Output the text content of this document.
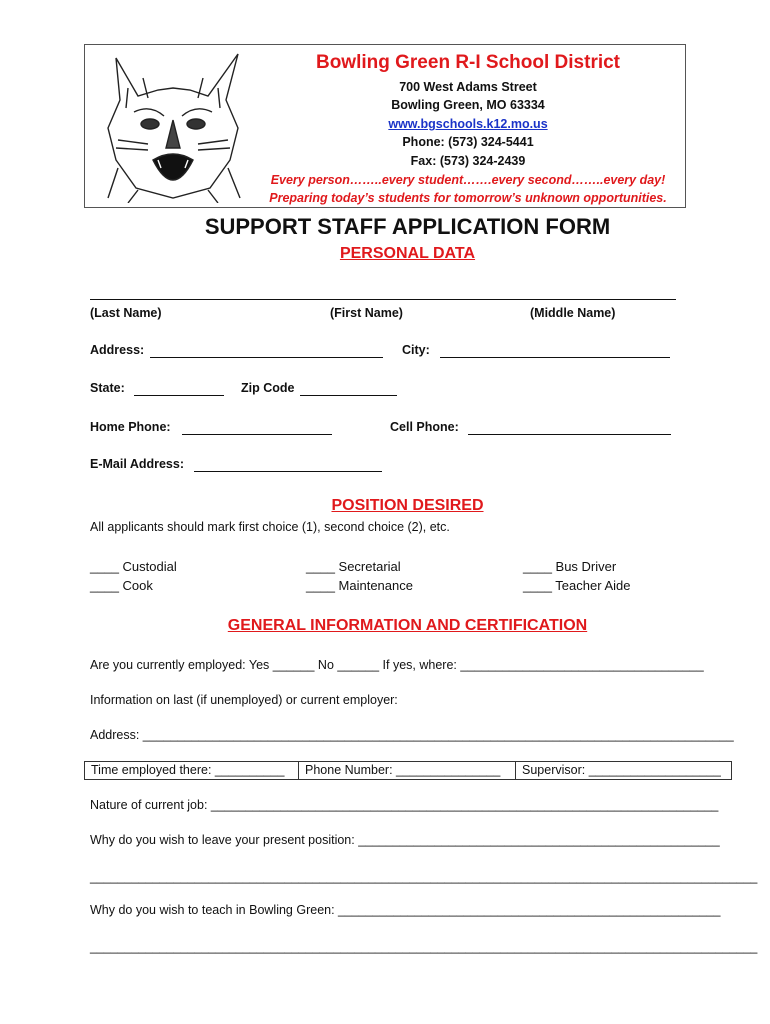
Bowling Green R-I School District
700 West Adams Street
Bowling Green, MO 63334
www.bgschools.k12.mo.us
Phone: (573) 324-5441
Fax: (573) 324-2439
Every person……..every student…….every second……..every day!
Preparing today’s students for tomorrow’s unknown opportunities.
SUPPORT STAFF APPLICATION FORM
PERSONAL DATA
(Last Name)	(First Name)	(Middle Name)
Address:	City:
State:	Zip Code
Home Phone:	Cell Phone:
E-Mail Address:
POSITION DESIRED
All applicants should mark first choice (1), second choice (2), etc.
____ Custodial
____ Cook
____ Secretarial
____ Maintenance
____ Bus Driver
____ Teacher Aide
GENERAL INFORMATION AND CERTIFICATION
Are you currently employed: Yes ______ No ______ If yes, where: ___________________________________
Information on last (if unemployed) or current employer:
Address: _____________________________________________________________________________________
Time employed there: __________	Phone Number: _______________	Supervisor: ___________________
Nature of current job: _________________________________________________________________________
Why do you wish to leave your present position: ____________________________________________________
________________________________________________________________________________________________
Why do you wish to teach in Bowling Green: _______________________________________________________
________________________________________________________________________________________________
